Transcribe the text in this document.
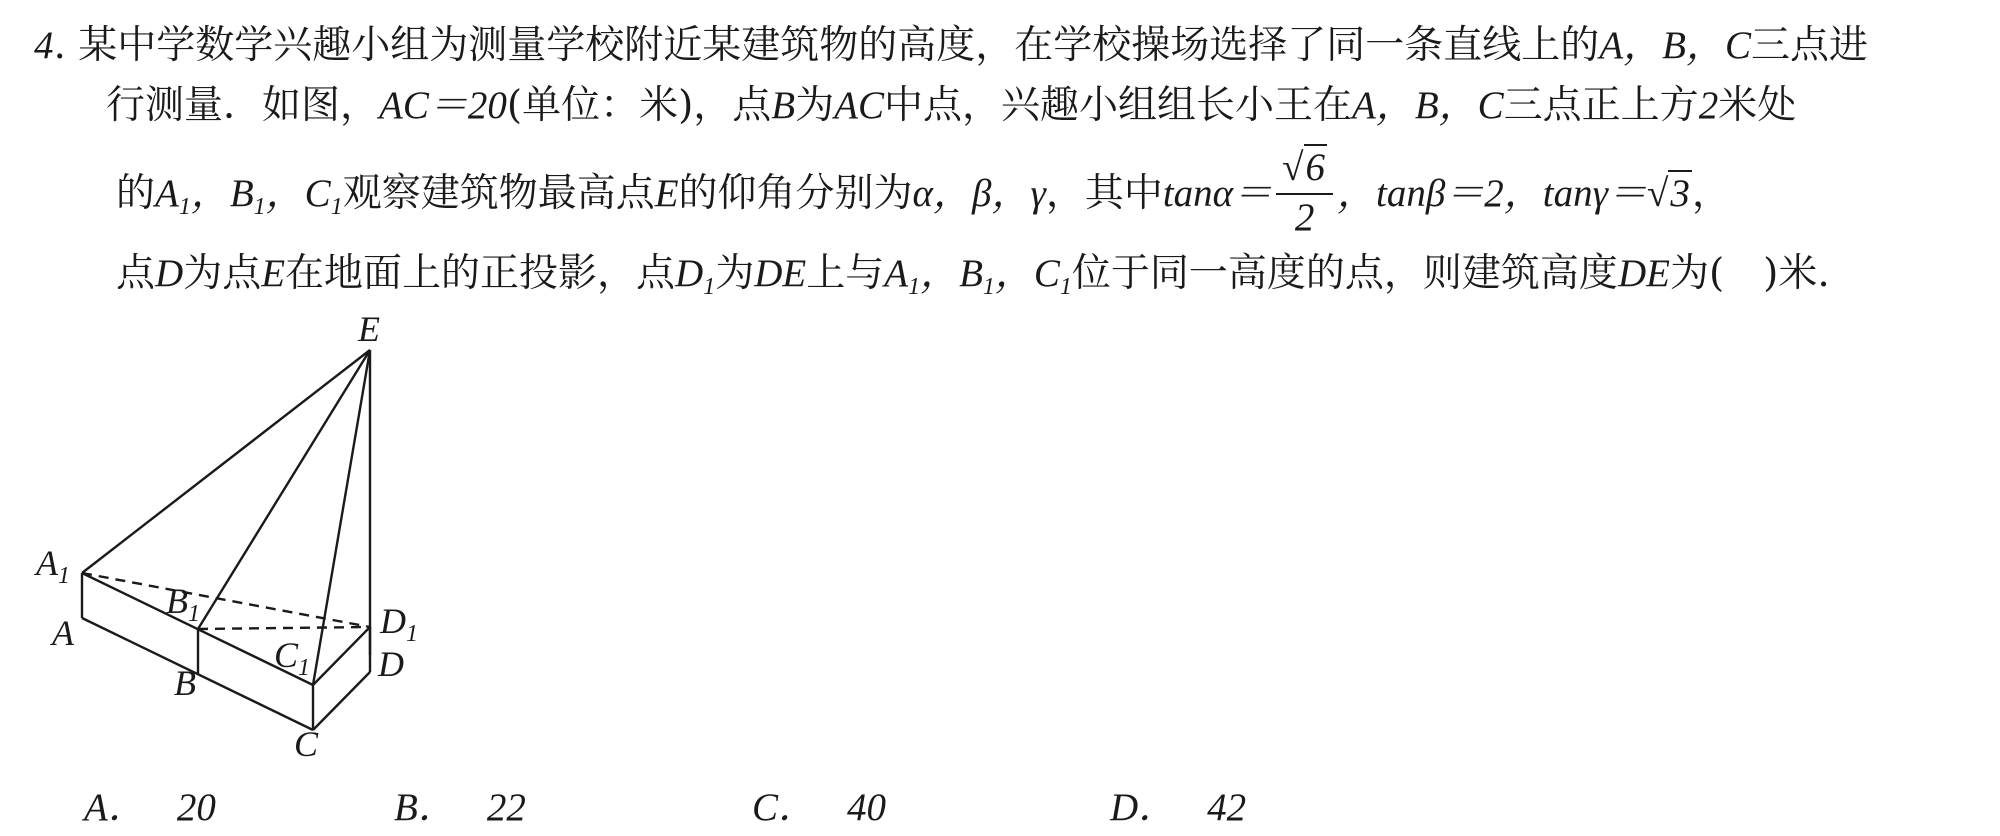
4. 某中学数学兴趣小组为测量学校附近某建筑物的高度，在学校操场选择了同一条直线上的A，B，C三点进
行测量．如图，AC＝20(单位：米)，点B为AC中点，兴趣小组组长小王在A，B，C三点正上方2米处
的$A_1$，$B_1$，$C_1$观察建筑物最高点E的仰角分别为α，β，γ，其中$\tan\alpha= \frac{√6}{2}$ ，tanβ＝2，tanγ＝√3，
点D为点E在地面上的正投影，点$D_1$为DE上与$A_1$，$B_1$，$C_1$位于同一高度的点，则建筑高度DE为(　)米.
E
$A_1$
$B_1$
$C_1$
$D_1$
A
B
C
D
A． 20	B． 22	C． 40	D． 42
